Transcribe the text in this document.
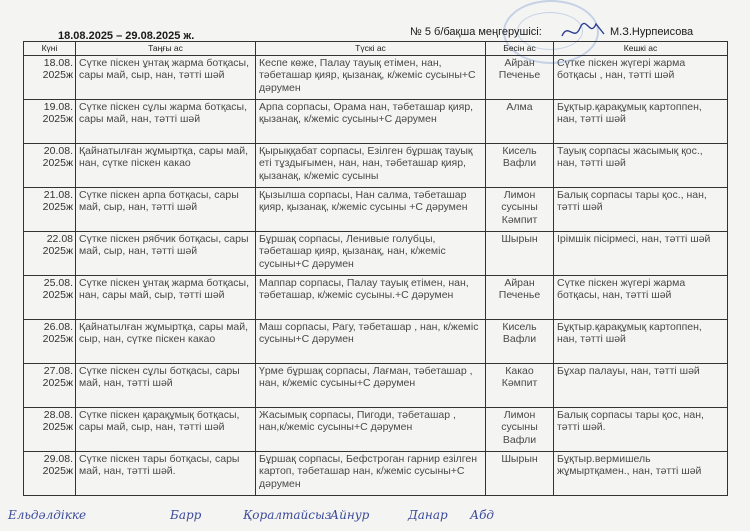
18.08.2025 – 29.08.2025 ж.	№ 5 б/бақша меңгерушісі:	М.З.Нурпеисова
Күні	Таңғы ас	Түскі ас	Бесін ас	Кешкі ас
18.08. 2025ж	Сүтке піскен ұнтақ жарма ботқасы, сары май, сыр, нан, тәтті шәй	Кеспе көже, Палау тауық етімен, нан, тәбеташар қияр, қызанақ, к/жеміс сусыны+С дәрумен	Айран Печенье	Сүтке піскен жүгері жарма ботқасы , нан, тәтті шәй
19.08. 2025ж	Сүтке піскен сұлы жарма ботқасы, сары май, нан, тәтті шәй	Арпа сорпасы, Орама нан, тәбеташар қияр, қызанақ, к/жеміс сусыны+С дәрумен	Алма	Бұқтыр.қарақұмық картоппен, нан, тәтті шәй
20.08. 2025ж	Қайнатылған жұмыртқа, сары май, нан, сүтке піскен какао	Қырыққабат сорпасы, Езілген бұршақ тауық еті тұздығымен, нан, нан, тәбеташар қияр, қызанақ, к/жеміс сусыны	Кисель Вафли	Тауық сорпасы жасымық қос., нан, тәтті шәй
21.08. 2025ж	Сүтке піскен арпа ботқасы, сары май, сыр, нан, тәтті шәй	Қызылша сорпасы, Нан салма, тәбеташар қияр, қызанақ, к/жеміс сусыны +С дәрумен	Лимон сусыны Кәмпит	Балық сорпасы тары қос., нан, тәтті шәй
22.08 2025ж	Сүтке піскен рябчик ботқасы, сары май, сыр, нан, тәтті шәй	Бұршақ сорпасы, Ленивые голубцы, тәбеташар қияр, қызанақ, нан, к/жеміс сусыны+С дәрумен	Шырын	Ірімшік пісірмесі, нан, тәтті шәй
25.08. 2025ж	Сүтке піскен ұнтақ жарма ботқасы, нан, сары май, сыр, тәтті шәй	Маппар сорпасы, Палау тауық етімен, нан, тәбеташар, к/жеміс сусыны.+С дәрумен	Айран Печенье	Сүтке піскен жүгері жарма ботқасы, нан, тәтті шәй
26.08. 2025ж	Қайнатылған жұмыртқа, сары май, сыр, нан, сүтке піскен какао	Маш сорпасы, Рагу, тәбеташар , нан, к/жеміс сусыны+С дәрумен	Кисель Вафли	Бұқтыр.қарақұмық картоппен, нан, тәтті шәй
27.08. 2025ж	Сүтке піскен сұлы ботқасы, сары май, нан, тәтті шәй	Үрме бұршақ сорпасы, Лағман, тәбеташар , нан, к/жеміс сусыны+С дәрумен	Какао Кәмпит	Бұхар палауы, нан, тәтті шәй
28.08. 2025ж	Сүтке піскен қарақұмық ботқасы, сары май, сыр, нан, тәтті шәй	Жасымық сорпасы, Пигоди, тәбеташар , нан,к/жеміс сусыны+С дәрумен	Лимон сусыны Вафли	Балық сорпасы тары қос, нан, тәтті шәй.
29.08. 2025ж	Сүтке піскен тары ботқасы, сары май, нан, тәтті шәй.	Бұршақ сорпасы, Бефстроган гарнир езілген картоп, тәбеташар нан, к/жеміс сусыны+С дәрумен	Шырын	Бұқтыр.вермишель жұмыртқамен., нан, тәтті шәй
Ельдәлдікке	Барр	Қоралтайсыз
Айнур	Данар Абд
